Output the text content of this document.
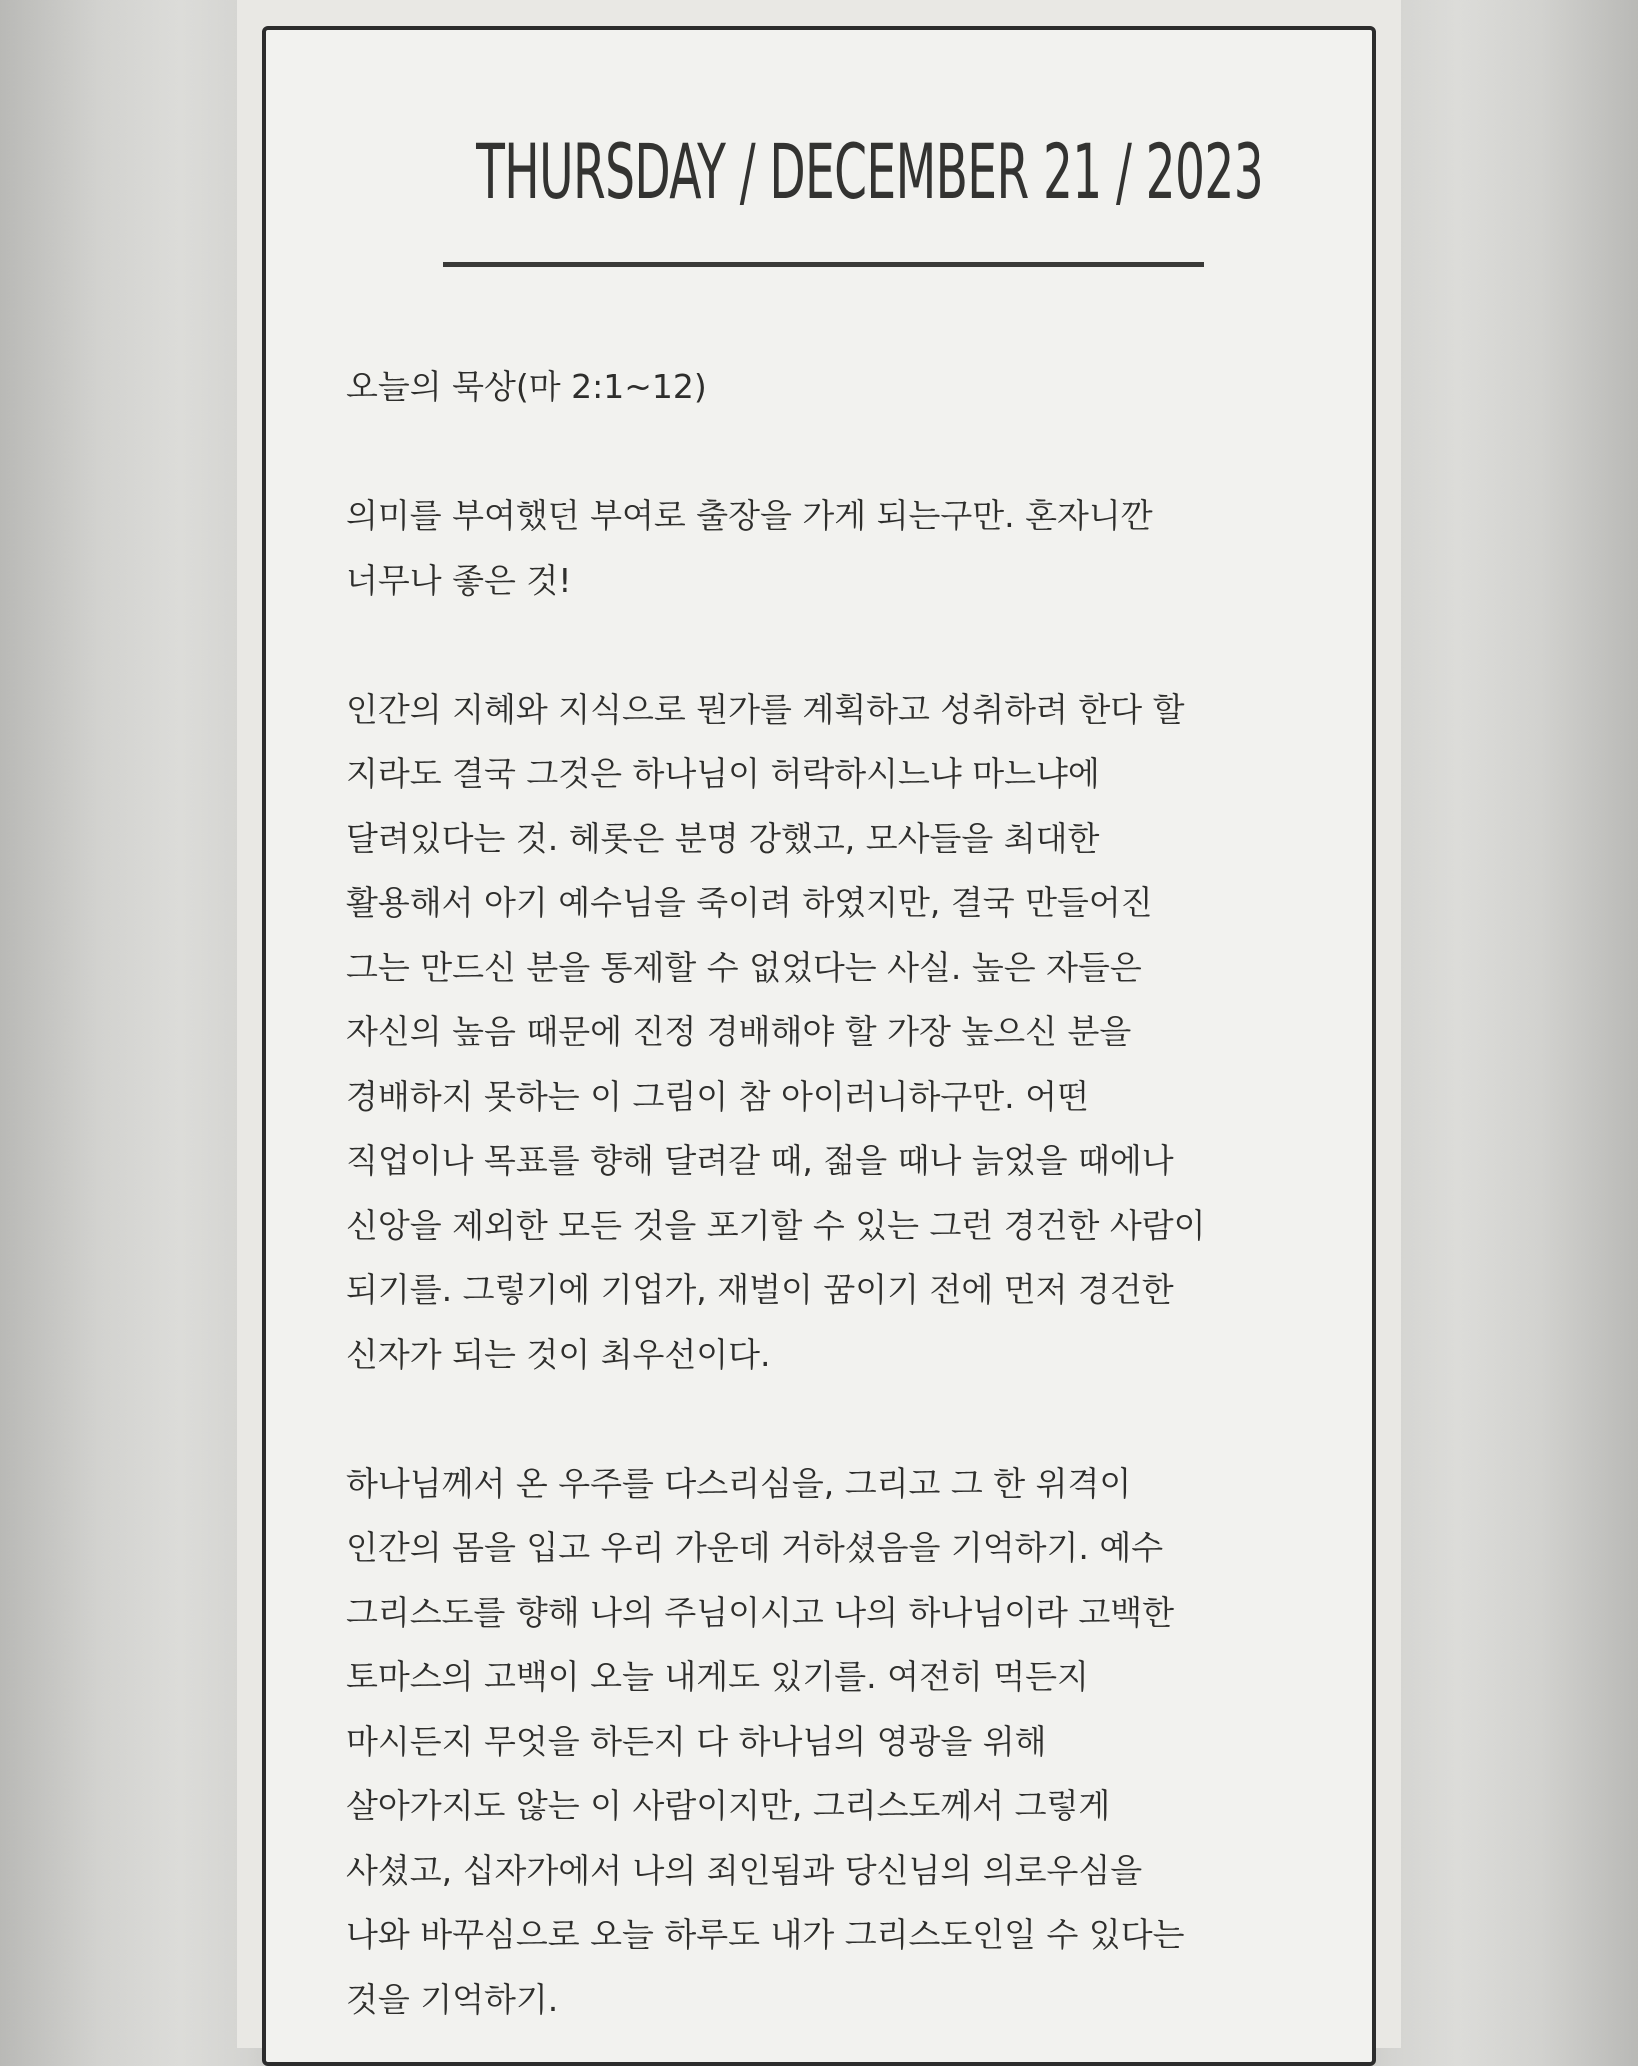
THURSDAY / DECEMBER 21 / 2023

오늘의 묵상(마 2:1~12)

의미를 부여했던 부여로 출장을 가게 되는구만. 혼자니깐

너무나 좋은 것!

인간의 지혜와 지식으로 뭔가를 계획하고 성취하려 한다 할

지라도 결국 그것은 하나님이 허락하시느냐 마느냐에

달려있다는 것. 헤롯은 분명 강했고, 모사들을 최대한

활용해서 아기 예수님을 죽이려 하였지만, 결국 만들어진

그는 만드신 분을 통제할 수 없었다는 사실. 높은 자들은

자신의 높음 때문에 진정 경배해야 할 가장 높으신 분을

경배하지 못하는 이 그림이 참 아이러니하구만. 어떤

직업이나 목표를 향해 달려갈 때, 젊을 때나 늙었을 때에나

신앙을 제외한 모든 것을 포기할 수 있는 그런 경건한 사람이

되기를. 그렇기에 기업가, 재벌이 꿈이기 전에 먼저 경건한

신자가 되는 것이 최우선이다.

하나님께서 온 우주를 다스리심을, 그리고 그 한 위격이

인간의 몸을 입고 우리 가운데 거하셨음을 기억하기. 예수

그리스도를 향해 나의 주님이시고 나의 하나님이라 고백한

토마스의 고백이 오늘 내게도 있기를. 여전히 먹든지

마시든지 무엇을 하든지 다 하나님의 영광을 위해

살아가지도 않는 이 사람이지만, 그리스도께서 그렇게

사셨고, 십자가에서 나의 죄인됨과 당신님의 의로우심을

나와 바꾸심으로 오늘 하루도 내가 그리스도인일 수 있다는

것을 기억하기.
